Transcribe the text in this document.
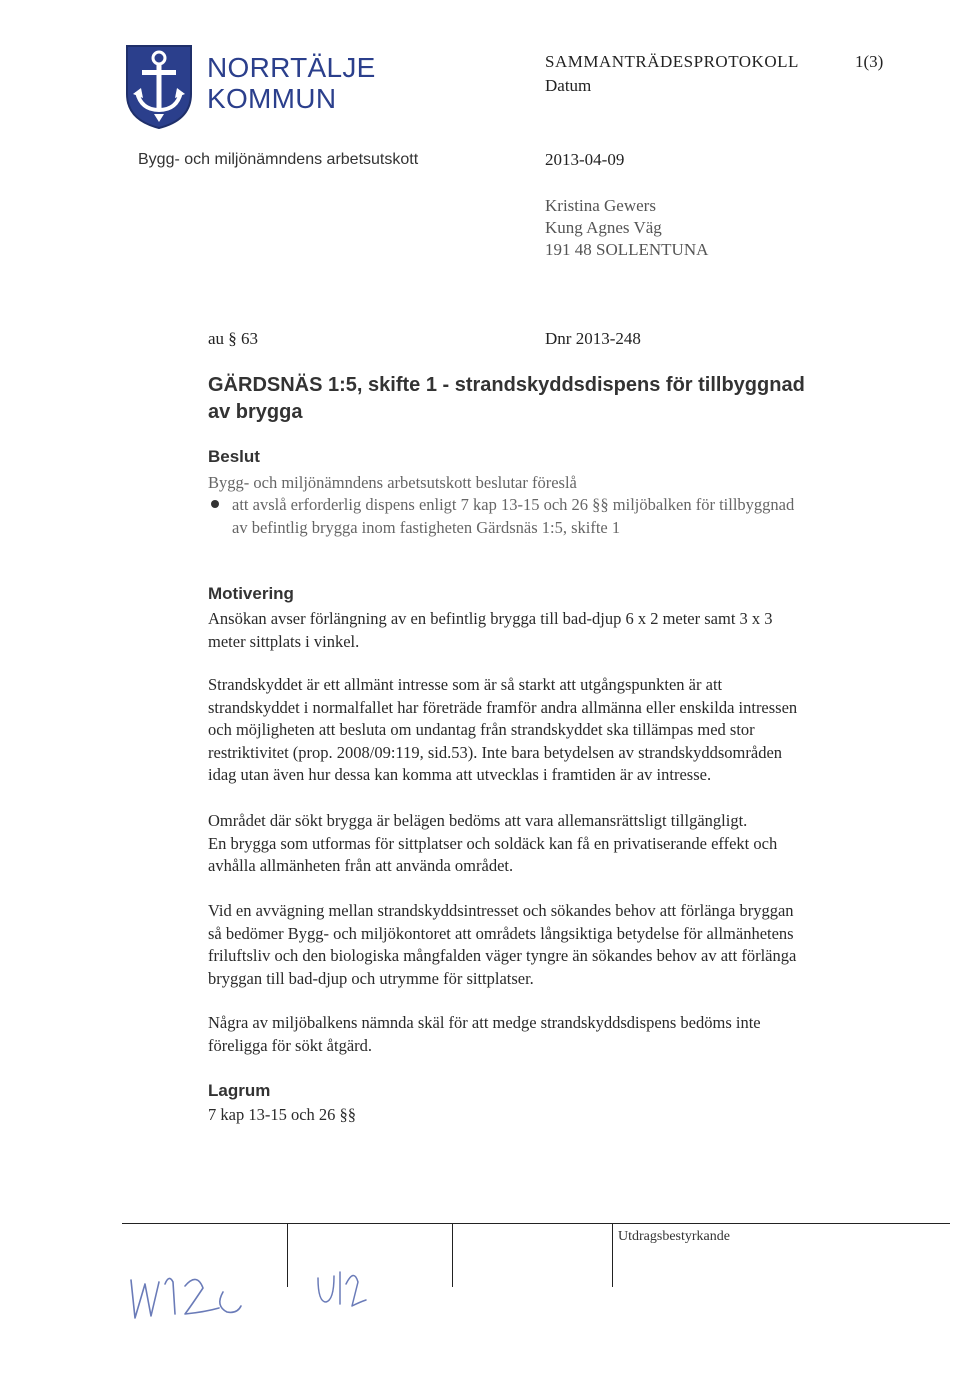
NORRTÄLJE
KOMMUN
Bygg- och miljönämndens arbetsutskott
SAMMANTRÄDESPROTOKOLL	1(3)
Datum
2013-04-09
Kristina Gewers
Kung Agnes Väg
191 48 SOLLENTUNA
au § 63	Dnr 2013-248
GÄRDSNÄS 1:5, skifte 1 - strandskyddsdispens för tillbyggnad
av brygga
Beslut
Bygg- och miljönämndens arbetsutskott beslutar föreslå
att avslå erforderlig dispens enligt 7 kap 13-15 och 26 §§ miljöbalken för tillbyggnad
av befintlig brygga inom fastigheten Gärdsnäs 1:5, skifte 1
Motivering
Ansökan avser förlängning av en befintlig brygga till bad-djup 6 x 2 meter samt 3 x 3
meter sittplats i vinkel.
Strandskyddet är ett allmänt intresse som är så starkt att utgångspunkten är att
strandskyddet i normalfallet har företräde framför andra allmänna eller enskilda intressen
och möjligheten att besluta om undantag från strandskyddet ska tillämpas med stor
restriktivitet (prop. 2008/09:119, sid.53). Inte bara betydelsen av strandskyddsområden
idag utan även hur dessa kan komma att utvecklas i framtiden är av intresse.
Området där sökt brygga är belägen bedöms att vara allemansrättsligt tillgängligt.
En brygga som utformas för sittplatser och soldäck kan få en privatiserande effekt och
avhålla allmänheten från att använda området.
Vid en avvägning mellan strandskyddsintresset och sökandes behov att förlänga bryggan
så bedömer Bygg- och miljökontoret att områdets långsiktiga betydelse för allmänhetens
friluftsliv och den biologiska mångfalden väger tyngre än sökandes behov av att förlänga
bryggan till bad-djup och utrymme för sittplatser.
Några av miljöbalkens nämnda skäl för att medge strandskyddsdispens bedöms inte
föreligga för sökt åtgärd.
Lagrum
7 kap 13-15 och 26 §§
Utdragsbestyrkande
